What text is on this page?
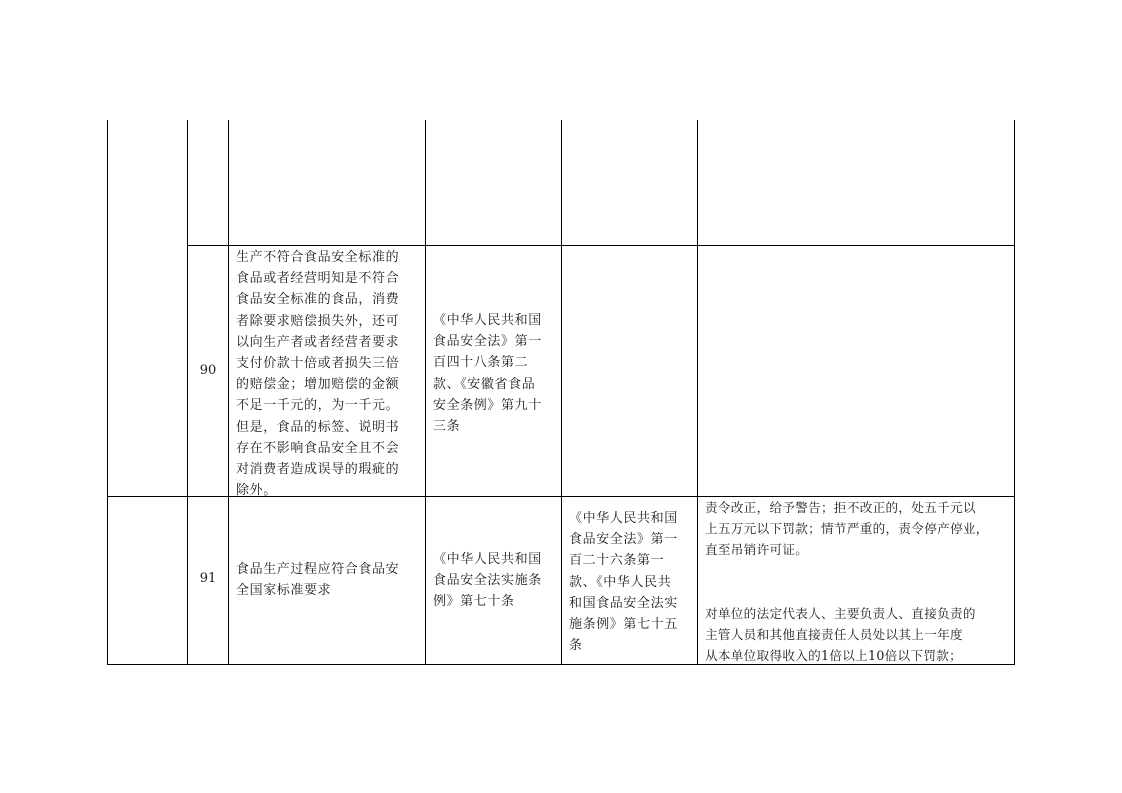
90
生产不符合食品安全标准的
食品或者经营明知是不符合
食品安全标准的食品，消费
者除要求赔偿损失外，还可
以向生产者或者经营者要求
支付价款十倍或者损失三倍
的赔偿金；增加赔偿的金额
不足一千元的，为一千元。
但是，食品的标签、说明书
存在不影响食品安全且不会
对消费者造成误导的瑕疵的
除外。
《中华人民共和国
食品安全法》第一
百四十八条第二
款、《安徽省食品
安全条例》第九十
三条
91
食品生产过程应符合食品安
全国家标准要求
《中华人民共和国
食品安全法实施条
例》第七十条
《中华人民共和国
食品安全法》第一
百二十六条第一
款、《中华人民共
和国食品安全法实
施条例》第七十五
条
责令改正，给予警告；拒不改正的，处五千元以
上五万元以下罚款；情节严重的，责令停产停业，
直至吊销许可证。

对单位的法定代表人、主要负责人、直接负责的
主管人员和其他直接责任人员处以其上一年度
从本单位取得收入的1倍以上10倍以下罚款；
